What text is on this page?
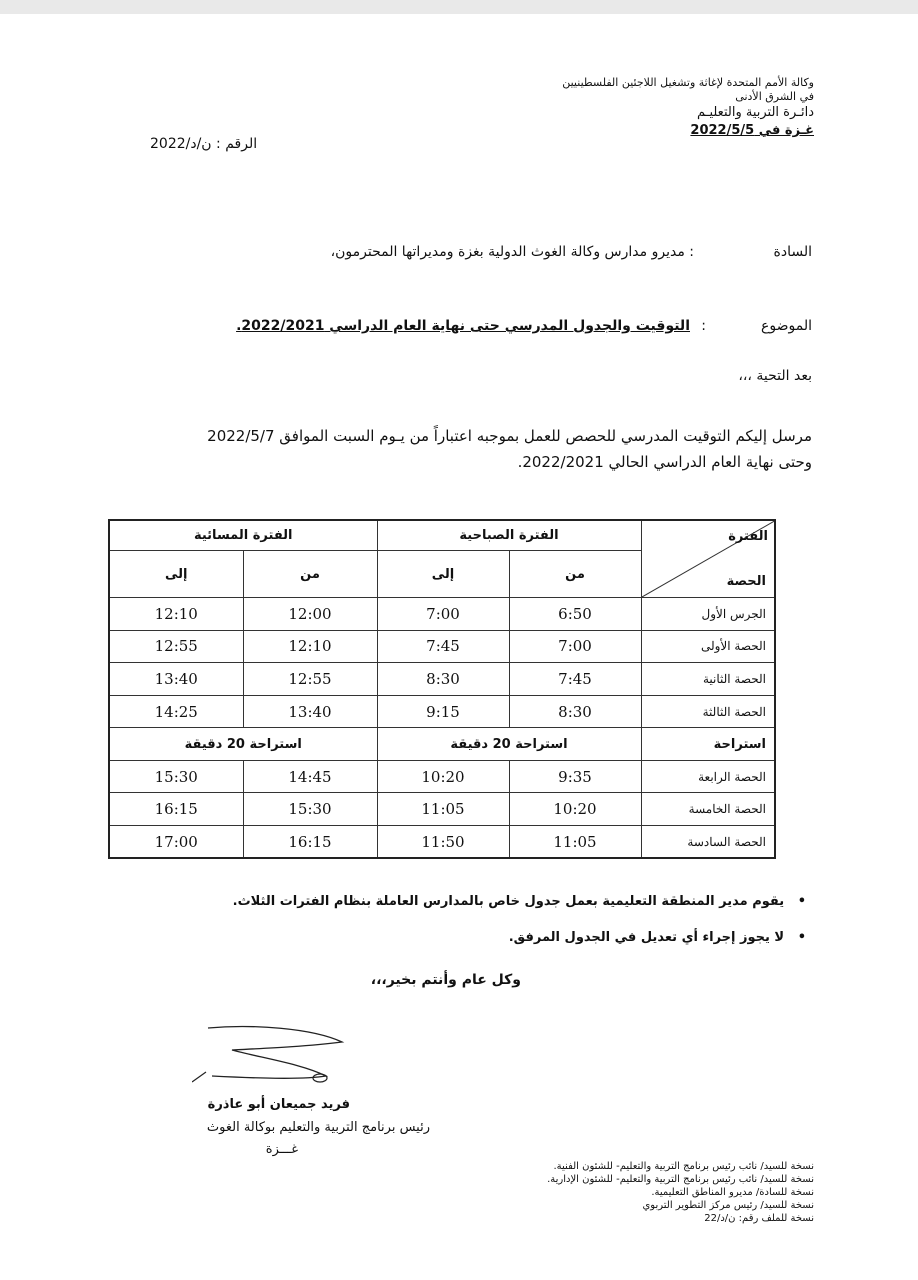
وكالة الأمم المتحدة لإغاثة وتشغيل اللاجئين الفلسطينيين
في الشرق الأدنى
دائـرة التربية والتعليـم
غـزة في 2022/5/5
الرقم : ن/د/2022
السادة
: مديرو مدارس وكالة الغوث الدولية بغزة ومديراتها المحترمون،
الموضوع
:
التوقيت والجدول المدرسي حتى نهاية العام الدراسي 2022/2021.
بعد التحية ،،،
مرسل إليكم التوقيت المدرسي للحصص للعمل بموجبه اعتباراً من يـوم السبت الموافق 2022/5/7
وحتى نهاية العام الدراسي الحالي 2022/2021.
الفترة
الحصة	الفترة الصباحية		الفترة المسائية	
	من	إلى	من	إلى
الجرس الأول	6:50	7:00	12:00	12:10
الحصة الأولى	7:00	7:45	12:10	12:55
الحصة الثانية	7:45	8:30	12:55	13:40
الحصة الثالثة	8:30	9:15	13:40	14:25
استراحة	استراحة 20 دقيقة		استراحة 20 دقيقة	
الحصة الرابعة	9:35	10:20	14:45	15:30
الحصة الخامسة	10:20	11:05	15:30	16:15
الحصة السادسة	11:05	11:50	16:15	17:00
•   يقوم مدير المنطقة التعليمية بعمل جدول خاص بالمدارس العاملة بنظام الفترات الثلاث.
•   لا يجوز إجراء أي تعديل في الجدول المرفق.
وكل عام وأنتم بخير،،،
فريد جميعان أبو عاذرة
رئيس برنامج التربية والتعليم بوكالة الغوث
غـــزة
نسخة للسيد/ نائب رئيس برنامج التربية والتعليم- للشئون الفنية.
نسخة للسيد/ نائب رئيس برنامج التربية والتعليم- للشئون الإدارية.
نسخة للسادة/ مديرو المناطق التعليمية.
نسخة للسيد/ رئيس مركز التطوير التربوي
نسخة للملف رقم: ن/د/22
